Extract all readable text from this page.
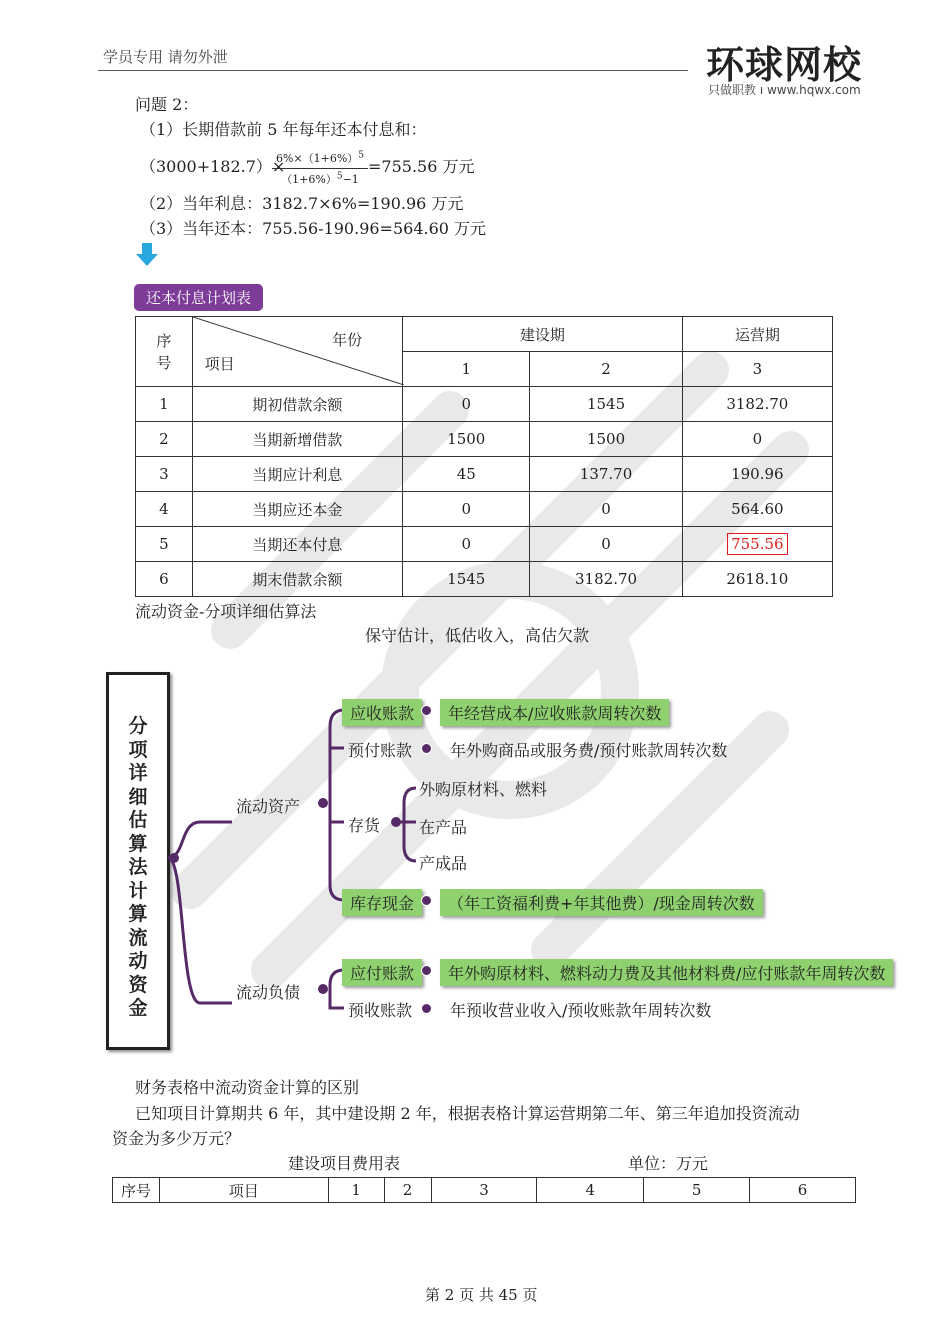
学员专用 请勿外泄	环球网校
只做职教 ı www.hqwx.com
问题 2：
（1）长期借款前 5 年每年还本付息和：
（3000+182.7）×
$\frac{6\%\times(1+6\%)^5}{(1+6\%)^5-1} =755.56$ 万元
（2）当年利息：3182.7×6%=190.96 万元
（3）当年还本：755.56-190.96=564.60 万元
还本付息计划表
序号	年份
项目	建设期		运营期
		1	2	3
1	期初借款余额	0	1545	3182.70
2	当期新增借款	1500	1500	0
3	当期应计利息	45	137.70	190.96
4	当期应还本金	0	0	564.60
5	当期还本付息	0	0	755.56
6	期末借款余额	1545	3182.70	2618.10
流动资金-分项详细估算法
保守估计，低估收入，高估欠款
分项详细估算法计算流动资金
流动资产
流动负债
应收账款	年经营成本/应收账款周转次数
预付账款 年外购商品或服务费/预付账款周转次数
存货
外购原材料、燃料
在产品
产成品
库存现金	（年工资福利费+年其他费）/现金周转次数
应付账款	年外购原材料、燃料动力费及其他材料费/应付账款年周转次数
预收账款 年预收营业收入/预收账款年周转次数
财务表格中流动资金计算的区别
已知项目计算期共 6 年，其中建设期 2 年，根据表格计算运营期第二年、第三年追加投资流动
资金为多少万元？
建设项目费用表	单位：万元
序号	项目	1	2	3	4	5	6
第 2 页 共 45 页
